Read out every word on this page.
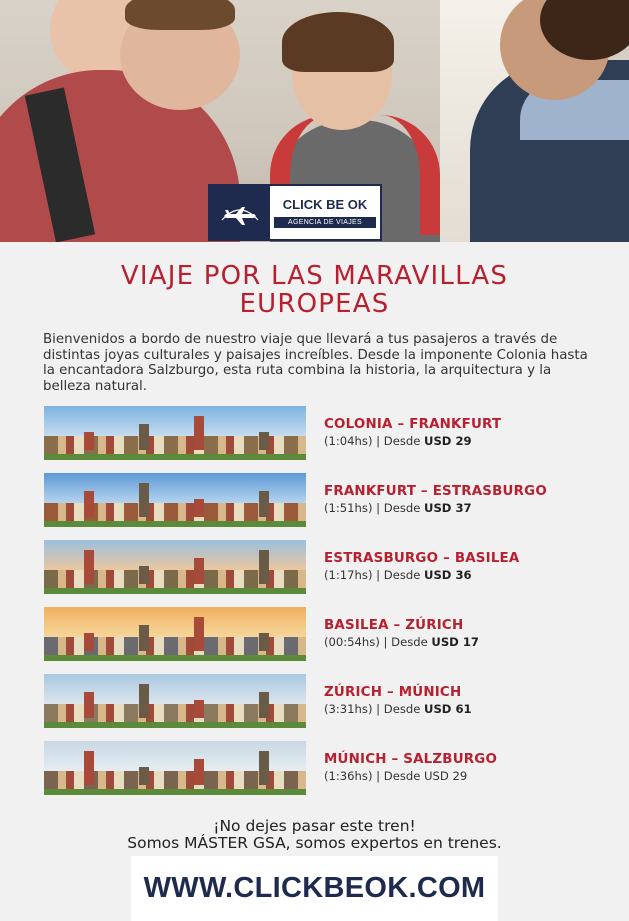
CLICK BE OK
AGENCIA DE VIAJES
VIAJE POR LAS MARAVILLAS
EUROPEAS
Bienvenidos a bordo de nuestro viaje que llevará a tus pasajeros a través de distintas joyas culturales y paisajes increíbles. Desde la imponente Colonia hasta la encantadora Salzburgo, esta ruta combina la historia, la arquitectura y la belleza natural.
COLONIA – FRANKFURT
(1:04hs) | Desde USD 29
FRANKFURT – ESTRASBURGO
(1:51hs) | Desde USD 37
ESTRASBURGO – BASILEA
(1:17hs) | Desde USD 36
BASILEA – ZÚRICH
(00:54hs) | Desde USD 17
ZÚRICH – MÚNICH
(3:31hs) | Desde USD 61
MÚNICH – SALZBURGO
(1:36hs) | Desde USD 29
¡No dejes pasar este tren!
Somos MÁSTER GSA, somos expertos en trenes.
WWW.CLICKBEOK.COM
